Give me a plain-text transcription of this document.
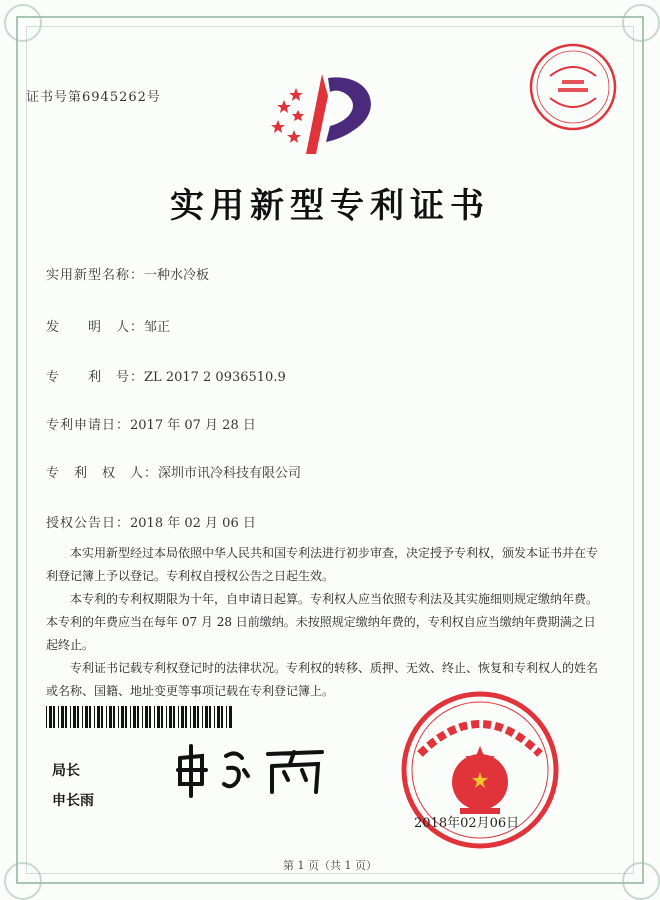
证书号第6945262号
实用新型专利证书
实用新型名称：一种水冷板
发　　明　人：邹正
专　　利　号：ZL 2017 2 0936510.9
专利申请日：2017 年 07 月 28 日
专　利　权　人：深圳市讯冷科技有限公司
授权公告日：2018 年 02 月 06 日

本实用新型经过本局依照中华人民共和国专利法进行初步审查，决定授予专利权，颁发本证书并在专利登记簿上予以登记。专利权自授权公告之日起生效。

本专利的专利权期限为十年，自申请日起算。专利权人应当依照专利法及其实施细则规定缴纳年费。本专利的年费应当在每年 07 月 28 日前缴纳。未按照规定缴纳年费的，专利权自应当缴纳年费期满之日起终止。

专利证书记载专利权登记时的法律状况。专利权的转移、质押、无效、终止、恢复和专利权人的姓名或名称、国籍、地址变更等事项记载在专利登记簿上。

局长
申长雨
2018年02月06日
第 1 页（共 1 页）
